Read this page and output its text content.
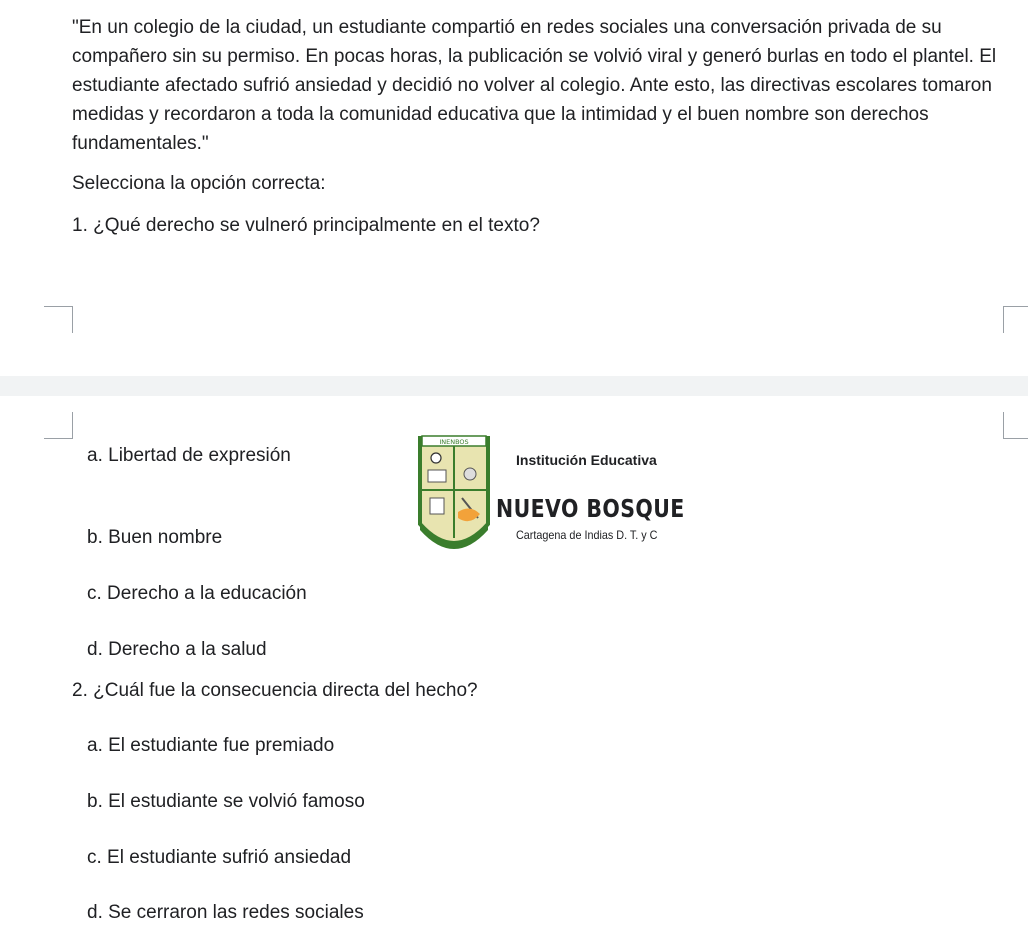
"En un colegio de la ciudad, un estudiante compartió en redes sociales una conversación privada de su compañero sin su permiso. En pocas horas, la publicación se volvió viral y generó burlas en todo el plantel. El estudiante afectado sufrió ansiedad y decidió no volver al colegio. Ante esto, las directivas escolares tomaron medidas y recordaron a toda la comunidad educativa que la intimidad y el buen nombre son derechos fundamentales."

Selecciona la opción correcta:

1. ¿Qué derecho se vulneró principalmente en el texto?

a. Libertad de expresión

b. Buen nombre

c. Derecho a la educación

d. Derecho a la salud

2. ¿Cuál fue la consecuencia directa del hecho?

a. El estudiante fue premiado

b. El estudiante se volvió famoso

c. El estudiante sufrió ansiedad

d. Se cerraron las redes sociales

INENBOS
Institución Educativa
NUEVO BOSQUE
Cartagena de Indias D. T. y C
